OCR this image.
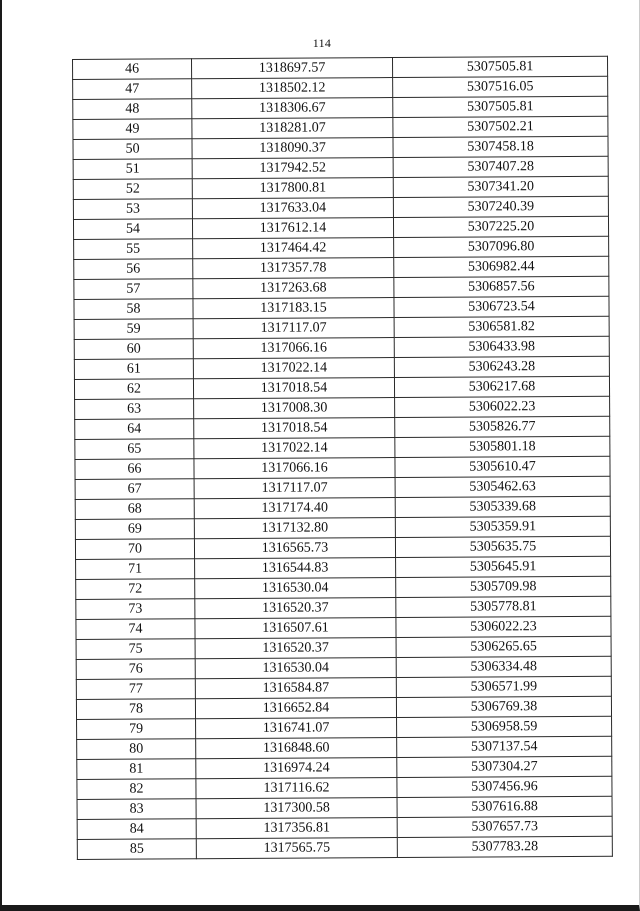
114
46	1318697.57	5307505.81
47	1318502.12	5307516.05
48	1318306.67	5307505.81
49	1318281.07	5307502.21
50	1318090.37	5307458.18
51	1317942.52	5307407.28
52	1317800.81	5307341.20
53	1317633.04	5307240.39
54	1317612.14	5307225.20
55	1317464.42	5307096.80
56	1317357.78	5306982.44
57	1317263.68	5306857.56
58	1317183.15	5306723.54
59	1317117.07	5306581.82
60	1317066.16	5306433.98
61	1317022.14	5306243.28
62	1317018.54	5306217.68
63	1317008.30	5306022.23
64	1317018.54	5305826.77
65	1317022.14	5305801.18
66	1317066.16	5305610.47
67	1317117.07	5305462.63
68	1317174.40	5305339.68
69	1317132.80	5305359.91
70	1316565.73	5305635.75
71	1316544.83	5305645.91
72	1316530.04	5305709.98
73	1316520.37	5305778.81
74	1316507.61	5306022.23
75	1316520.37	5306265.65
76	1316530.04	5306334.48
77	1316584.87	5306571.99
78	1316652.84	5306769.38
79	1316741.07	5306958.59
80	1316848.60	5307137.54
81	1316974.24	5307304.27
82	1317116.62	5307456.96
83	1317300.58	5307616.88
84	1317356.81	5307657.73
85	1317565.75	5307783.28
